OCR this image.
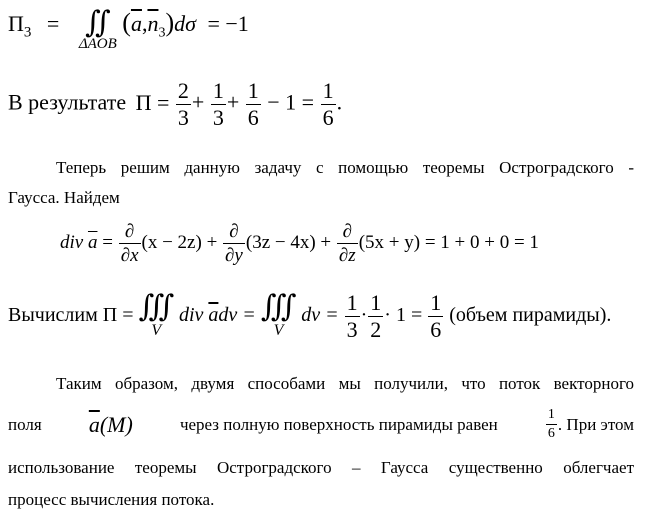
$\Pi_3$ = ∬
ΔAOB
$(\overline{a},\overline{n}_3)d\sigma = -1$
В результате $\Pi = \frac{2}{3} + \frac{1}{3} + \frac{1}{6} - 1 = \frac{1}{6}$ .
Теперь решим данную задачу с помощью теоремы Остроградского -
Гаусса. Найдем
div $\overline{a} = \frac{\partial}{\partial x} (x - 2z) + \frac{\partial}{\partial y} (3z - 4x) + \frac{\partial}{\partial z} (5x + y) = 1 + 0 + 0 = 1$
Вычислим Π = ∭
V
div $\overline{a}dv$ = ∭
V
dv = $\frac{1}{3} \cdot \frac{1}{2} \cdot 1 = \frac{1}{6}$ (объем пирамиды).
Таким образом, двумя способами мы получили, что поток векторного
поля $\overline{a}(M)$	через полную поверхность пирамиды равен	$\frac{1}{6}$ . При этом
использование теоремы Остроградского – Гаусса существенно облегчает
процесс вычисления потока.
